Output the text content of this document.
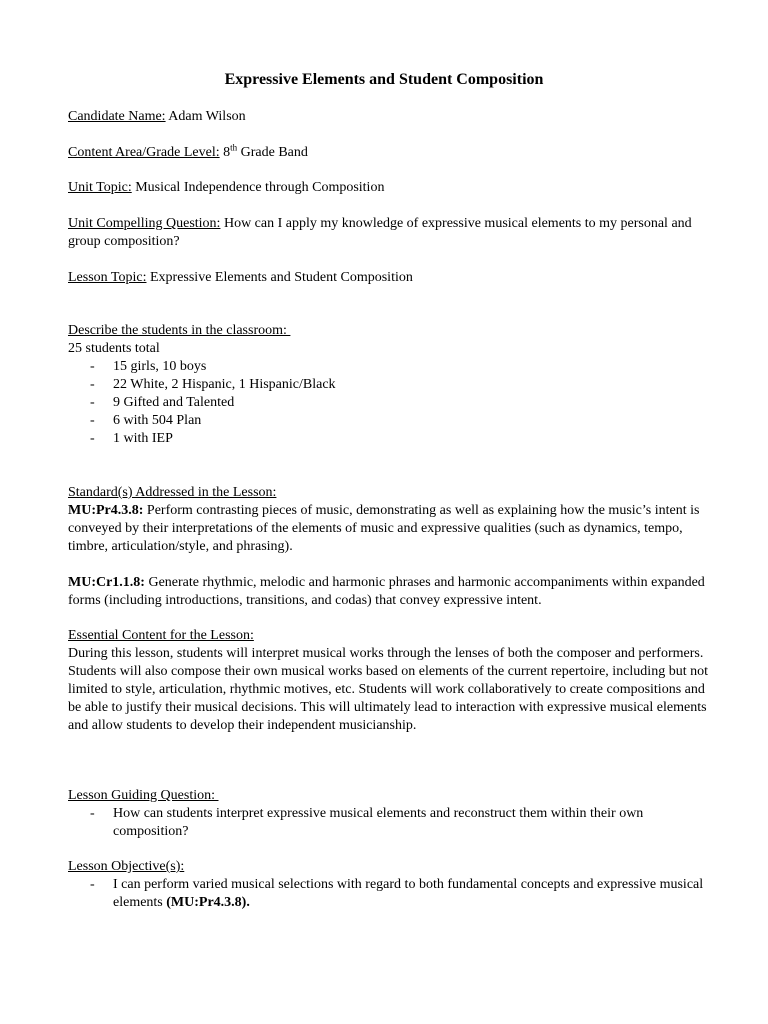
Expressive Elements and Student Composition
Candidate Name: Adam Wilson
Content Area/Grade Level: 8th Grade Band
Unit Topic: Musical Independence through Composition
Unit Compelling Question: How can I apply my knowledge of expressive musical elements to my personal and group composition?
Lesson Topic: Expressive Elements and Student Composition
Describe the students in the classroom:
25 students total
- 15 girls, 10 boys
- 22 White, 2 Hispanic, 1 Hispanic/Black
- 9 Gifted and Talented
- 6 with 504 Plan
- 1 with IEP
Standard(s) Addressed in the Lesson:
MU:Pr4.3.8: Perform contrasting pieces of music, demonstrating as well as explaining how the music’s intent is conveyed by their interpretations of the elements of music and expressive qualities (such as dynamics, tempo, timbre, articulation/style, and phrasing).
MU:Cr1.1.8: Generate rhythmic, melodic and harmonic phrases and harmonic accompaniments within expanded forms (including introductions, transitions, and codas) that convey expressive intent.
Essential Content for the Lesson:
During this lesson, students will interpret musical works through the lenses of both the composer and performers. Students will also compose their own musical works based on elements of the current repertoire, including but not limited to style, articulation, rhythmic motives, etc. Students will work collaboratively to create compositions and be able to justify their musical decisions. This will ultimately lead to interaction with expressive musical elements and allow students to develop their independent musicianship.
Lesson Guiding Question:
- How can students interpret expressive musical elements and reconstruct them within their own composition?
Lesson Objective(s):
- I can perform varied musical selections with regard to both fundamental concepts and expressive musical elements (MU:Pr4.3.8).
